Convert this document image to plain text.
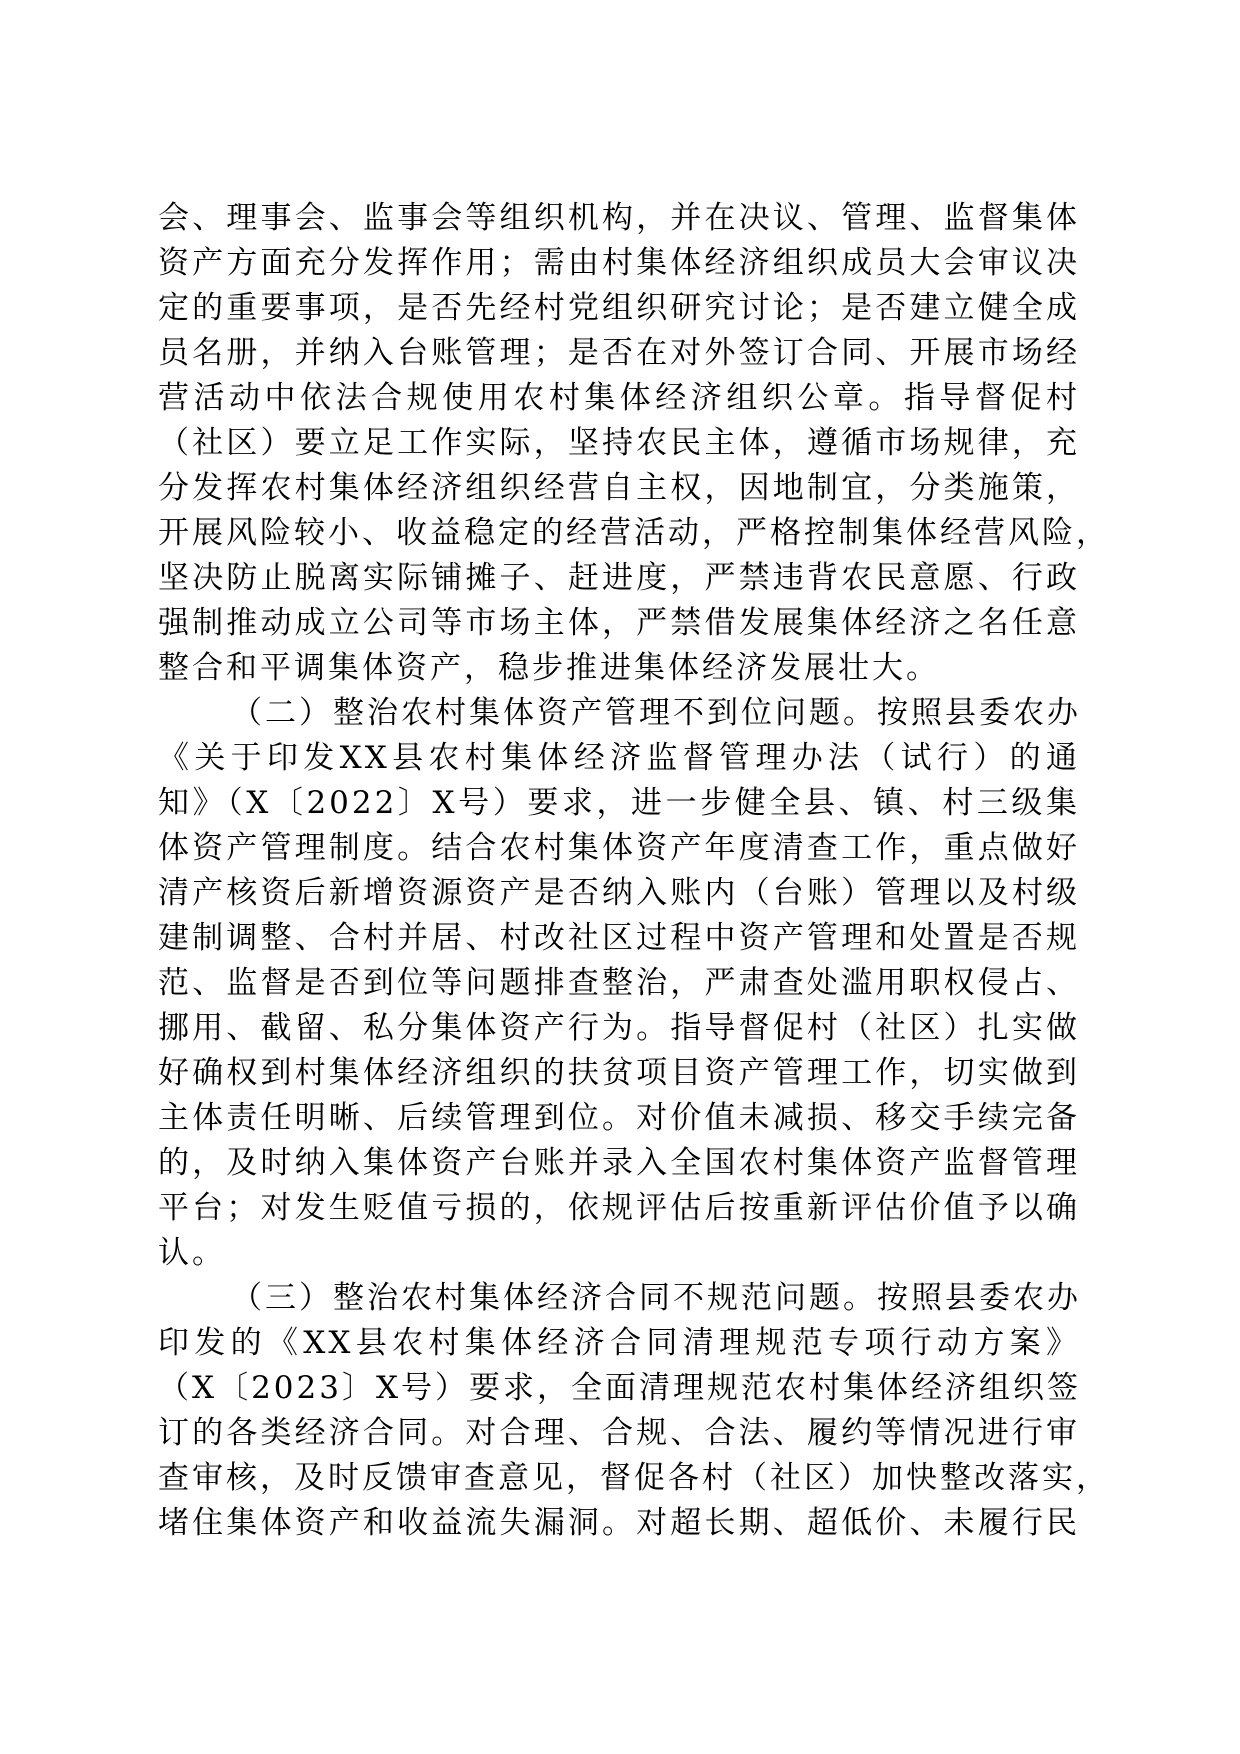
会、理事会、监事会等组织机构，并在决议、管理、监督集体
资产方面充分发挥作用；需由村集体经济组织成员大会审议决
定的重要事项，是否先经村党组织研究讨论；是否建立健全成
员名册，并纳入台账管理；是否在对外签订合同、开展市场经
营活动中依法合规使用农村集体经济组织公章。指导督促村
（社区）要立足工作实际，坚持农民主体，遵循市场规律，充
分发挥农村集体经济组织经营自主权，因地制宜，分类施策，
开展风险较小、收益稳定的经营活动，严格控制集体经营风险，
坚决防止脱离实际铺摊子、赶进度，严禁违背农民意愿、行政
强制推动成立公司等市场主体，严禁借发展集体经济之名任意
整合和平调集体资产，稳步推进集体经济发展壮大。
（二）整治农村集体资产管理不到位问题。按照县委农办
《关于印发XX县农村集体经济监督管理办法（试行）的通
知》（X〔2022〕X号）要求，进一步健全县、镇、村三级集
体资产管理制度。结合农村集体资产年度清查工作，重点做好
清产核资后新增资源资产是否纳入账内（台账）管理以及村级
建制调整、合村并居、村改社区过程中资产管理和处置是否规
范、监督是否到位等问题排查整治，严肃查处滥用职权侵占、
挪用、截留、私分集体资产行为。指导督促村（社区）扎实做
好确权到村集体经济组织的扶贫项目资产管理工作，切实做到
主体责任明晰、后续管理到位。对价值未减损、移交手续完备
的，及时纳入集体资产台账并录入全国农村集体资产监督管理
平台；对发生贬值亏损的，依规评估后按重新评估价值予以确
认。
（三）整治农村集体经济合同不规范问题。按照县委农办
印发的《XX县农村集体经济合同清理规范专项行动方案》
（X〔2023〕X号）要求，全面清理规范农村集体经济组织签
订的各类经济合同。对合理、合规、合法、履约等情况进行审
查审核，及时反馈审查意见，督促各村（社区）加快整改落实，
堵住集体资产和收益流失漏洞。对超长期、超低价、未履行民
